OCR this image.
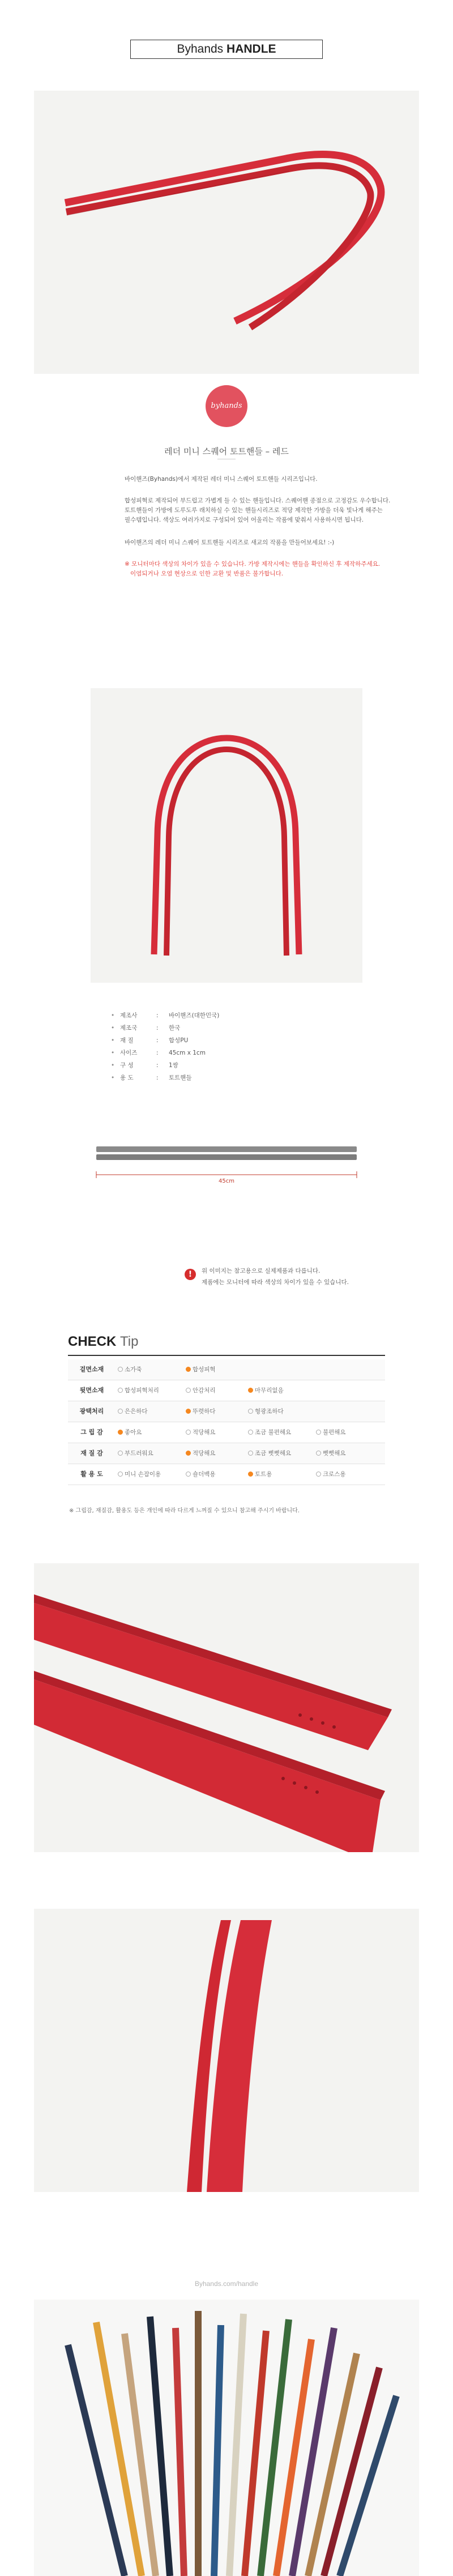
Byhands HANDLE
byhands
레더 미니 스퀘어 토트핸들 – 레드
바이핸즈(Byhands)에서 제작된 레더 미니 스퀘어 토트핸들 시리즈입니다.
합성피혁로 제작되어 부드럽고 가볍게 들 수 있는 핸들입니다. 스퀘어핸 종점으로 고정감도 우수합니다.
토트핸들이 가방에 도루도루 래치하실 수 있는 핸들시리즈로 적당 제작한 가방을 더욱 빛나게 해주는
필수템입니다. 색상도 여러가지로 구성되어 있어 어울리는 작품에 맞춰서 사용하시면 됩니다.
바이핸즈의 레더 미니 스퀘어 토트핸들 시리즈로 새교의 작품을 만들어보세요! :-)
※ 모니터마다 색상의 차이가 있을 수 있습니다. 가방 제작시에는 핸들을 확인하신 후 제작하주세요.
이염되거나 오염 현상으로 인한 교환 및 반품은 불가합니다.
• 제조사	: 바이핸즈(대한민국)
• 제조국	: 한국
• 재 질	: 합성PU
• 사이즈	: 45cm x 1cm
• 구 성	: 1쌍
• 용 도	: 토트핸들
45cm
!	위 이미지는 참고용으로 실제제품과 다릅니다.
제품에는 모니터에 따라 색상의 차이가 있을 수 있습니다.
CHECK Tip
겉면소재	소가죽	합성피혁
뒷면소재	합성피혁처리	안감처리	마무리없음
광택처리	은은하다	뚜렷하다	형광조하다
그 립 감	좋아요	적당해요	조금 불편해요	불편해요
재 질 감	부드러워요	적당해요	조금 뻣뻣해요	뻣뻣해요
활 용 도	미니 손잡이용	숄더백용	토트용	크로스용
※ 그립감, 재질감, 활용도 등은 개인에 따라 다르게 느껴질 수 있으니 참고해 주시기 바랍니다.
Byhands.com/handle
